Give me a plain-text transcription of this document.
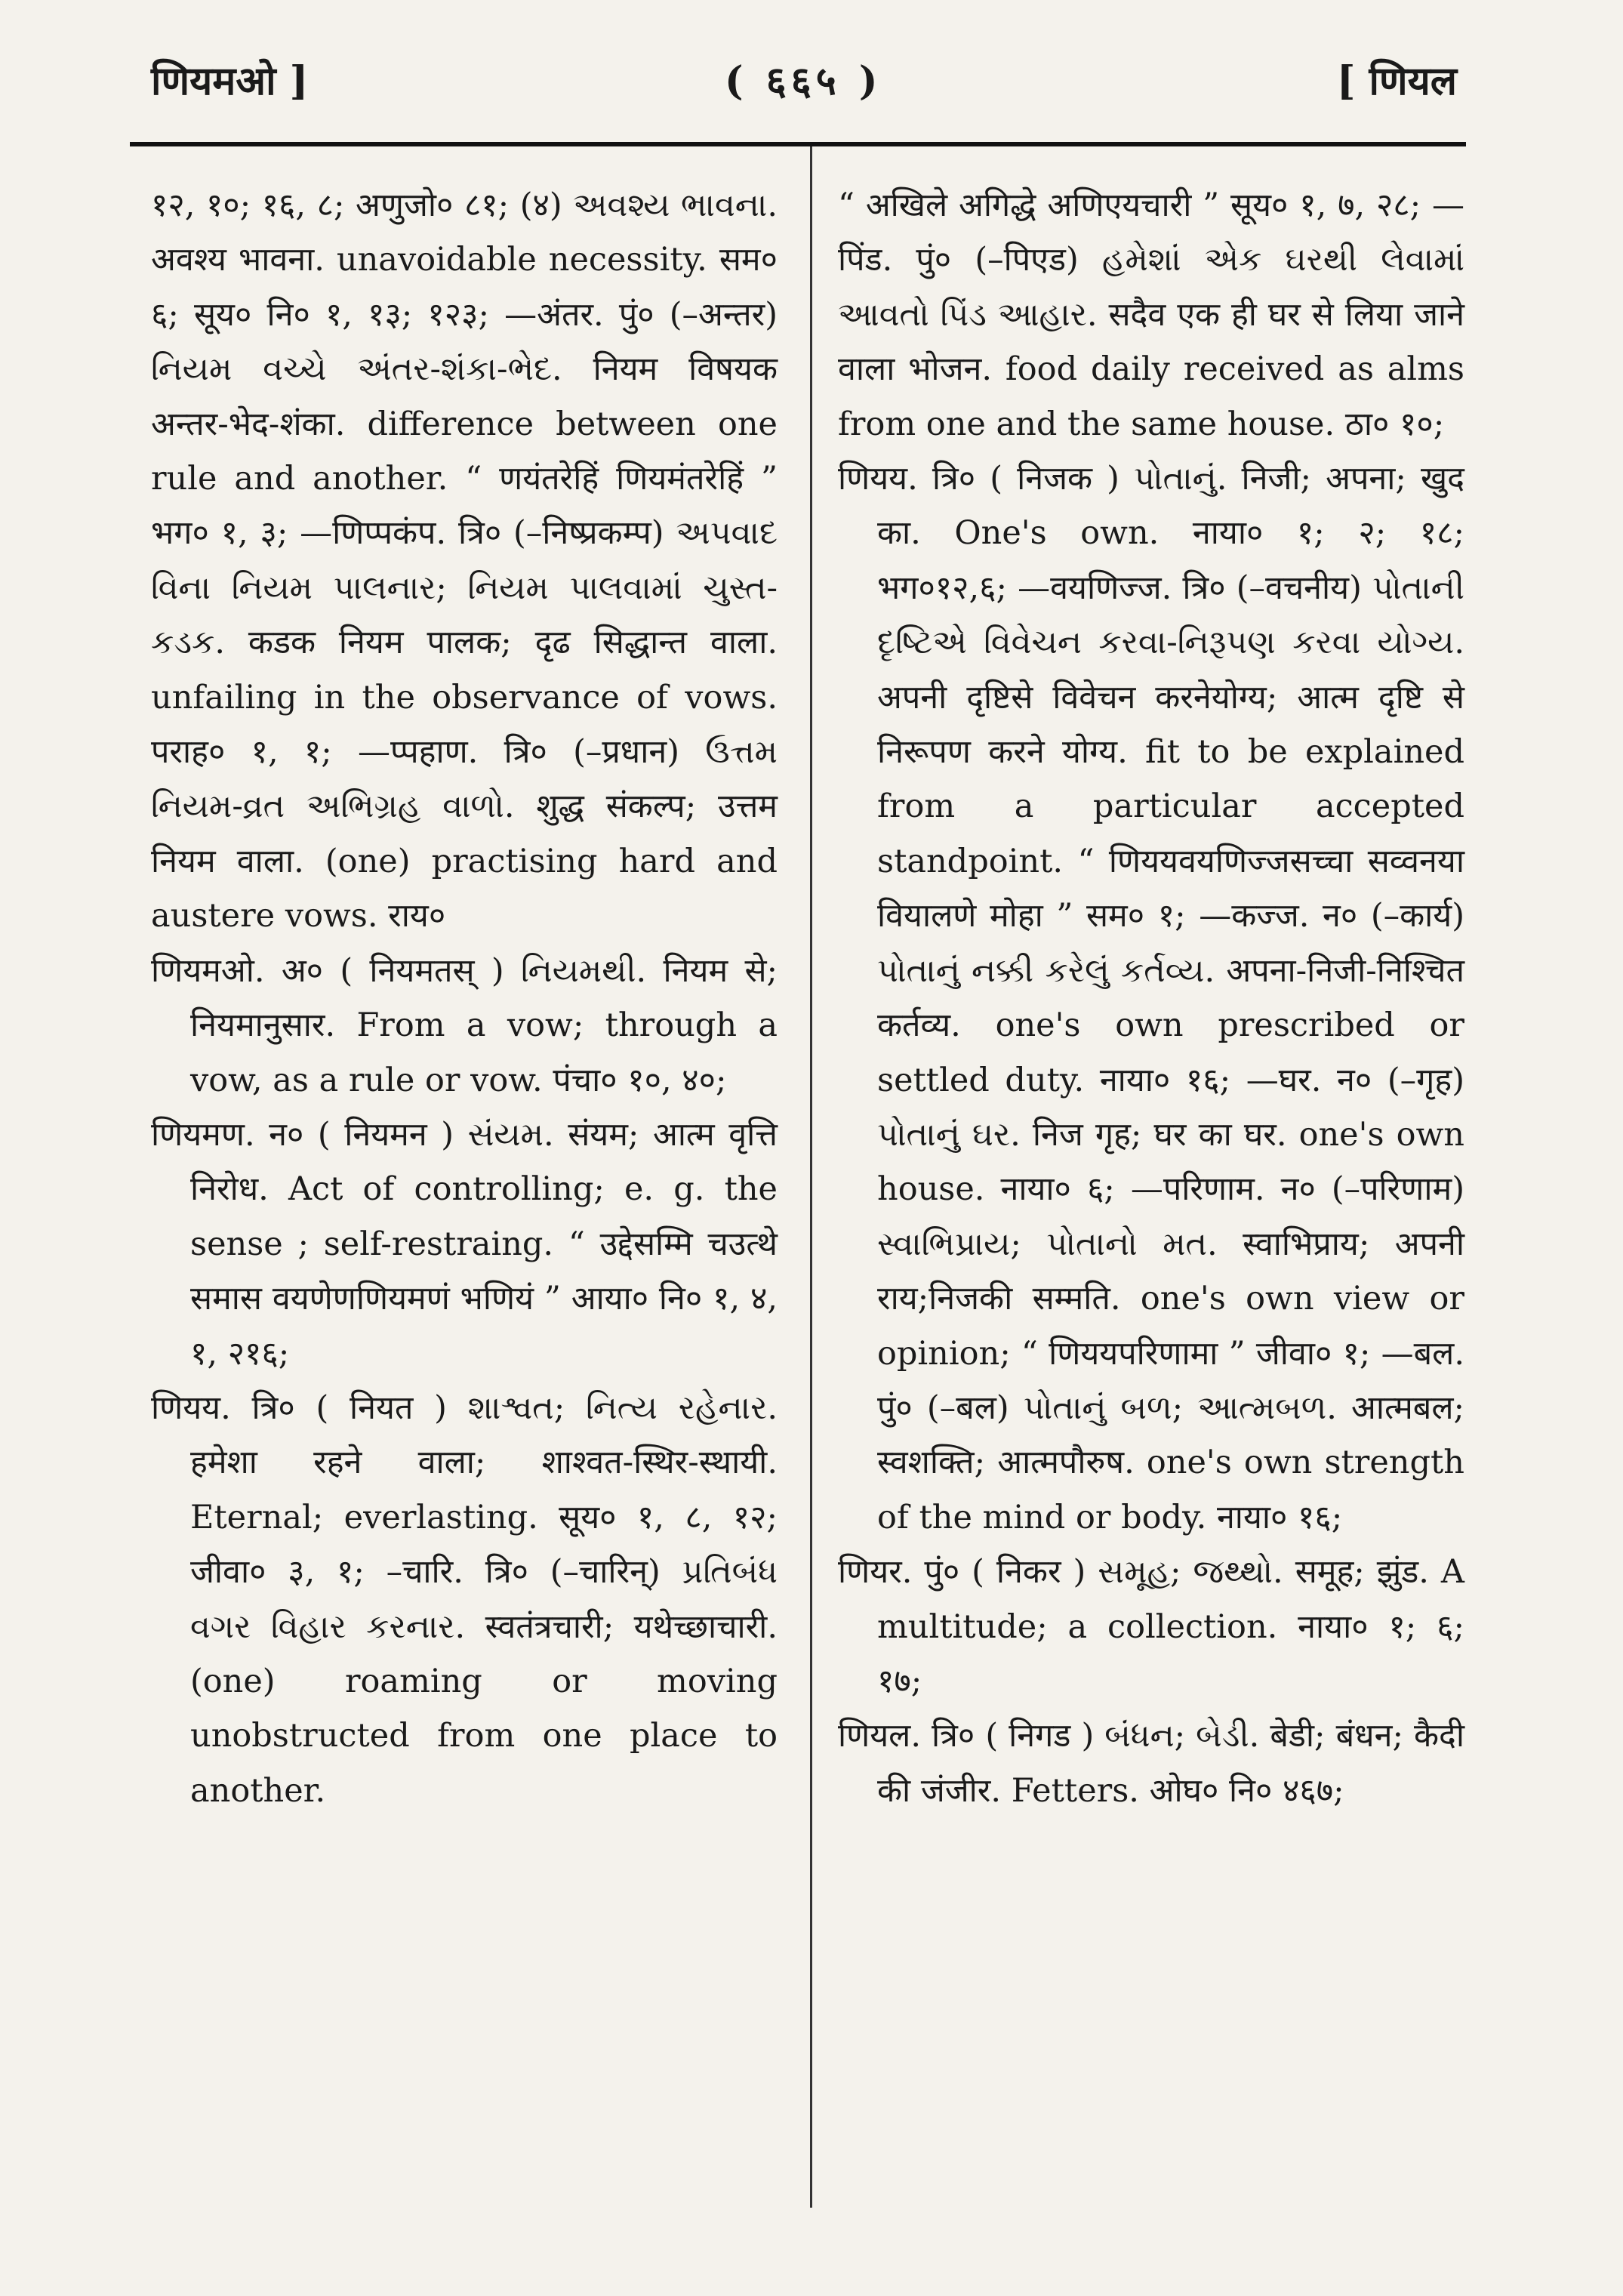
णियमओ ]	( ६६५ )	[ णियल

१२, १०; १६, ८; अणुजो० ८१; (४) અવશ્ય ભાવના. अवश्य भावना. unavoidable necessity. सम० ६; सूय० नि० १, १३; १२३; —अंतर. पुं० (–अन्तर) નિયમ વચ્ચે અંતર-શંકા-ભેદ. नियम विषयक अन्तर-भेद-शंका. difference between one rule and another. “ णयंतरेहिं णियमंतरेहिं ” भग० १, ३; —णिप्पकंप. त्रि० (–निष्प्रकम्प) અપવાદ વિના નિયમ પાલનાર; નિયમ પાલવામાં ચુસ્ત-કડક. कडक नियम पालक; दृढ सिद्धान्त वाला. unfailing in the observance of vows. पराह० १, १; —प्पहाण. त्रि० (–प्रधान) ઉત્તમ નિયમ-વ્રત અભિગ્રહ વાળો. शुद्ध संकल्प; उत्तम नियम वाला. (one) practising hard and austere vows. राय०

णियमओ. अ० ( नियमतस् ) નિયમથી. नियम से; नियमानुसार. From a vow; through a vow, as a rule or vow. पंचा० १०, ४०;

णियमण. न० ( नियमन ) સંયમ. संयम; आत्म वृत्ति निरोध. Act of controlling; e. g. the sense ; self-restraing. “ उद्देसम्मि चउत्थे समास वयणेणणियमणं भणियं ” आया० नि० १, ४, १, २१६;

णियय. त्रि० ( नियत ) શાશ્વત; નિત્ય રહેનાર. हमेशा रहने वाला; शाश्वत-स्थिर-स्थायी. Eternal; everlasting. सूय० १, ८, १२; जीवा० ३, १; –चारि. त्रि० (–चारिन्) પ્રતિબંધ વગર વિહાર કરનાર. स्वतंत्रचारी; यथेच्छाचारी. (one) roaming or moving unobstructed from one place to another.

“ अखिले अगिद्धे अणिएयचारी ” सूय० १, ७, २८; —पिंड. पुं० (–पिएड) હમેશાં એક ઘરથી લેવામાં આવતો પિંડ આહાર. सदैव एक ही घर से लिया जाने वाला भोजन. food daily received as alms from one and the same house. ठा० १०;

णियय. त्रि० ( निजक ) પોતાનું. निजी; अपना; खुद का. One's own. नाया० १; २; १८; भग०१२,६; —वयणिज्ज. त्रि० (–वचनीय) પોતાની દૃષ્ટિએ વિવેચન કરવા-નિરૂપણ કરવા યોગ્ય. अपनी दृष्टिसे विवेचन करनेयोग्य; आत्म दृष्टि से निरूपण करने योग्य. fit to be explained from a particular accepted standpoint. “ णिययवयणिज्जसच्चा सव्वनया वियालणे मोहा ” सम० १; —कज्ज. न० (–कार्य) પોતાનું નક્કી કરેલું કર્તવ્ય. अपना-निजी-निश्चित कर्तव्य. one's own prescribed or settled duty. नाया० १६; —घर. न० (–गृह) પોતાનું ઘર. निज गृह; घर का घर. one's own house. नाया० ६; —परिणाम. न० (–परिणाम) સ્વાભિપ્રાય; પોતાનો મત. स्वाभिप्राय; अपनी राय;निजकी सम्मति. one's own view or opinion; “ णिययपरिणामा ” जीवा० १; —बल. पुं० (–बल) પોતાનું બળ; આત્મબળ. आत्मबल; स्वशक्ति; आत्मपौरुष. one's own strength of the mind or body. नाया० १६;

णियर. पुं० ( निकर ) સમૂહ; જથ્થો. समूह; झुंड. A multitude; a collection. नाया० १; ६; १७;

णियल. त्रि० ( निगड ) બંધન; બેડી. बेडी; बंधन; कैदी की जंजीर. Fetters. ओघ० नि० ४६७;
